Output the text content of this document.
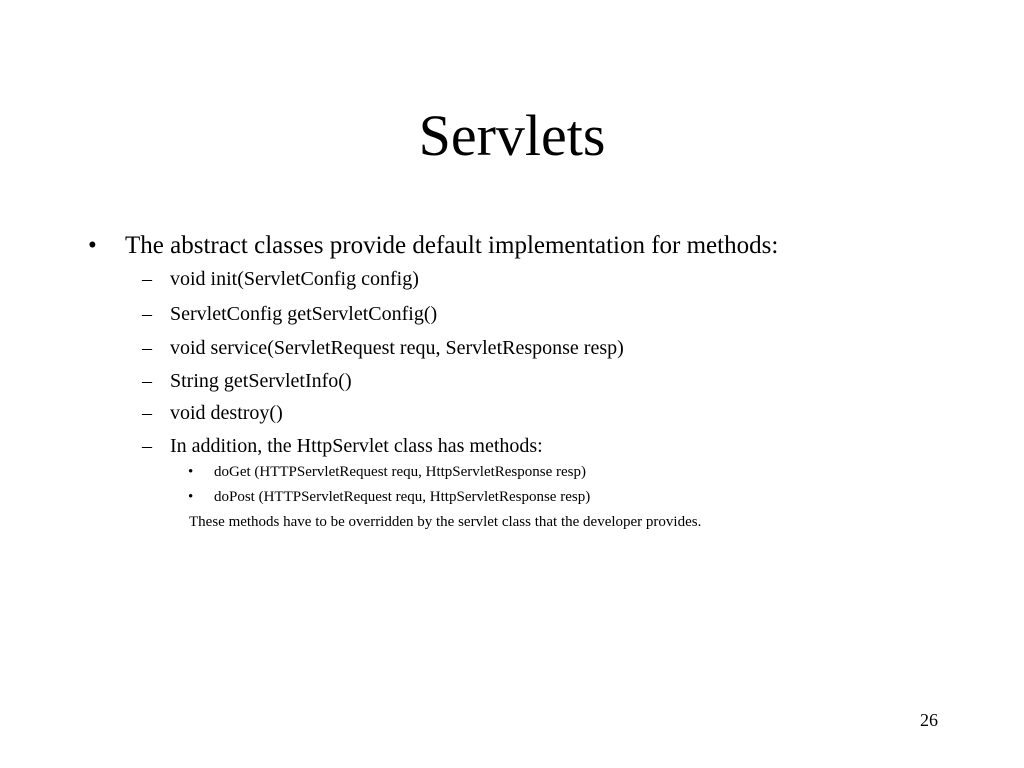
Servlets
• The abstract classes provide default implementation for methods:
– void init(ServletConfig config)
– ServletConfig getServletConfig()
– void service(ServletRequest requ, ServletResponse resp)
– String getServletInfo()
– void destroy()
– In addition, the HttpServlet class has methods:
• doGet (HTTPServletRequest requ, HttpServletResponse resp)
• doPost (HTTPServletRequest requ, HttpServletResponse resp)
These methods have to be overridden by the servlet class that the developer provides.
26
